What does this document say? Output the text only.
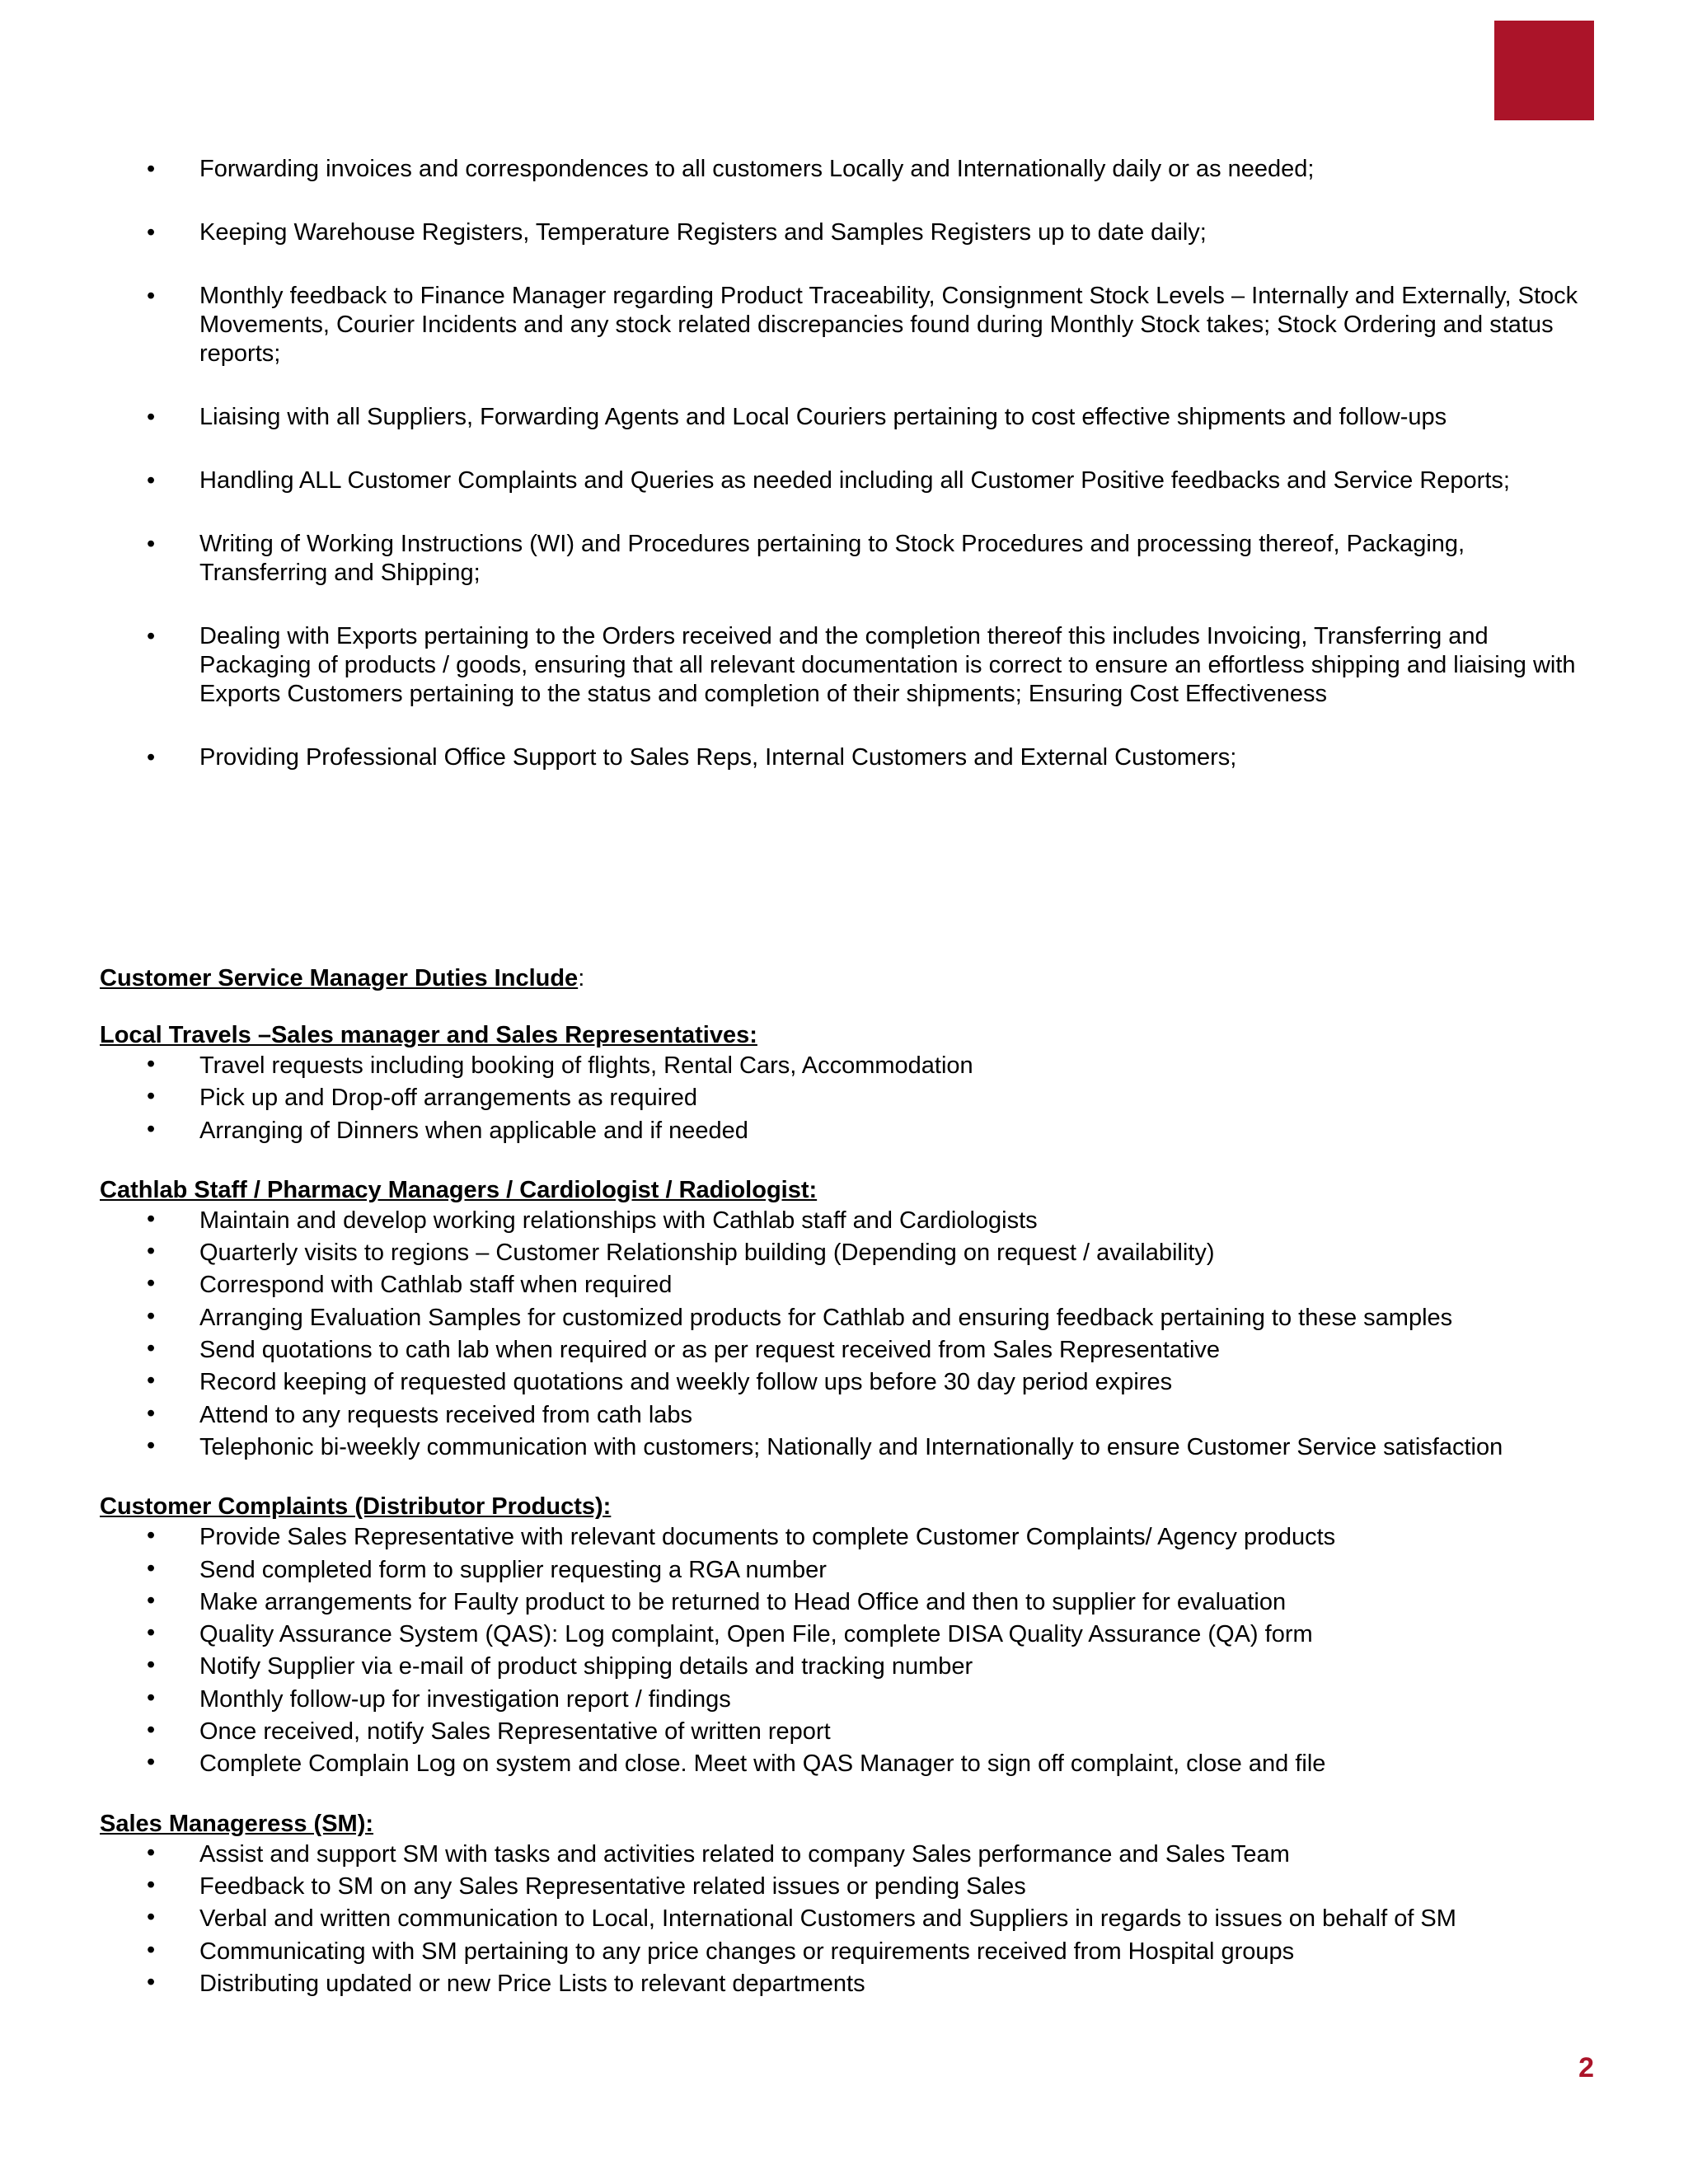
• Forwarding invoices and correspondences to all customers Locally and Internationally daily or as needed;
• Keeping Warehouse Registers, Temperature Registers and Samples Registers up to date daily;
• Monthly feedback to Finance Manager regarding Product Traceability, Consignment Stock Levels – Internally and Externally, Stock Movements, Courier Incidents and any stock related discrepancies found during Monthly Stock takes; Stock Ordering and status reports;
• Liaising with all Suppliers, Forwarding Agents and Local Couriers pertaining to cost effective shipments and follow-ups
• Handling ALL Customer Complaints and Queries as needed including all Customer Positive feedbacks and Service Reports;
• Writing of Working Instructions (WI) and Procedures pertaining to Stock Procedures and processing thereof, Packaging, Transferring and Shipping;
• Dealing with Exports pertaining to the Orders received and the completion thereof this includes Invoicing, Transferring and Packaging of products / goods, ensuring that all relevant documentation is correct to ensure an effortless shipping and liaising with Exports Customers pertaining to the status and completion of their shipments; Ensuring Cost Effectiveness
• Providing Professional Office Support to Sales Reps, Internal Customers and External Customers;
Customer Service Manager Duties Include:
Local Travels –Sales manager and Sales Representatives:
• Travel requests including booking of flights, Rental Cars, Accommodation
• Pick up and Drop-off arrangements as required
• Arranging of Dinners when applicable and if needed
Cathlab Staff / Pharmacy Managers / Cardiologist / Radiologist:
• Maintain and develop working relationships with Cathlab staff and Cardiologists
• Quarterly visits to regions – Customer Relationship building (Depending on request / availability)
• Correspond with Cathlab staff when required
• Arranging Evaluation Samples for customized products for Cathlab and ensuring feedback pertaining to these samples
• Send quotations to cath lab when required or as per request received from Sales Representative
• Record keeping of requested quotations and weekly follow ups before 30 day period expires
• Attend to any requests received from cath labs
• Telephonic bi-weekly communication with customers; Nationally and Internationally to ensure Customer Service satisfaction
Customer Complaints (Distributor Products):
• Provide Sales Representative with relevant documents to complete Customer Complaints/ Agency products
• Send completed form to supplier requesting a RGA number
• Make arrangements for Faulty product to be returned to Head Office and then to supplier for evaluation
• Quality Assurance System (QAS): Log complaint, Open File, complete DISA Quality Assurance (QA) form
• Notify Supplier via e-mail of product shipping details and tracking number
• Monthly follow-up for investigation report / findings
• Once received, notify Sales Representative of written report
• Complete Complain Log on system and close. Meet with QAS Manager to sign off complaint, close and file
Sales Manageress (SM):
• Assist and support SM with tasks and activities related to company Sales performance and Sales Team
• Feedback to SM on any Sales Representative related issues or pending Sales
• Verbal and written communication to Local, International Customers and Suppliers in regards to issues on behalf of SM
• Communicating with SM pertaining to any price changes or requirements received from Hospital groups
• Distributing updated or new Price Lists to relevant departments
2
